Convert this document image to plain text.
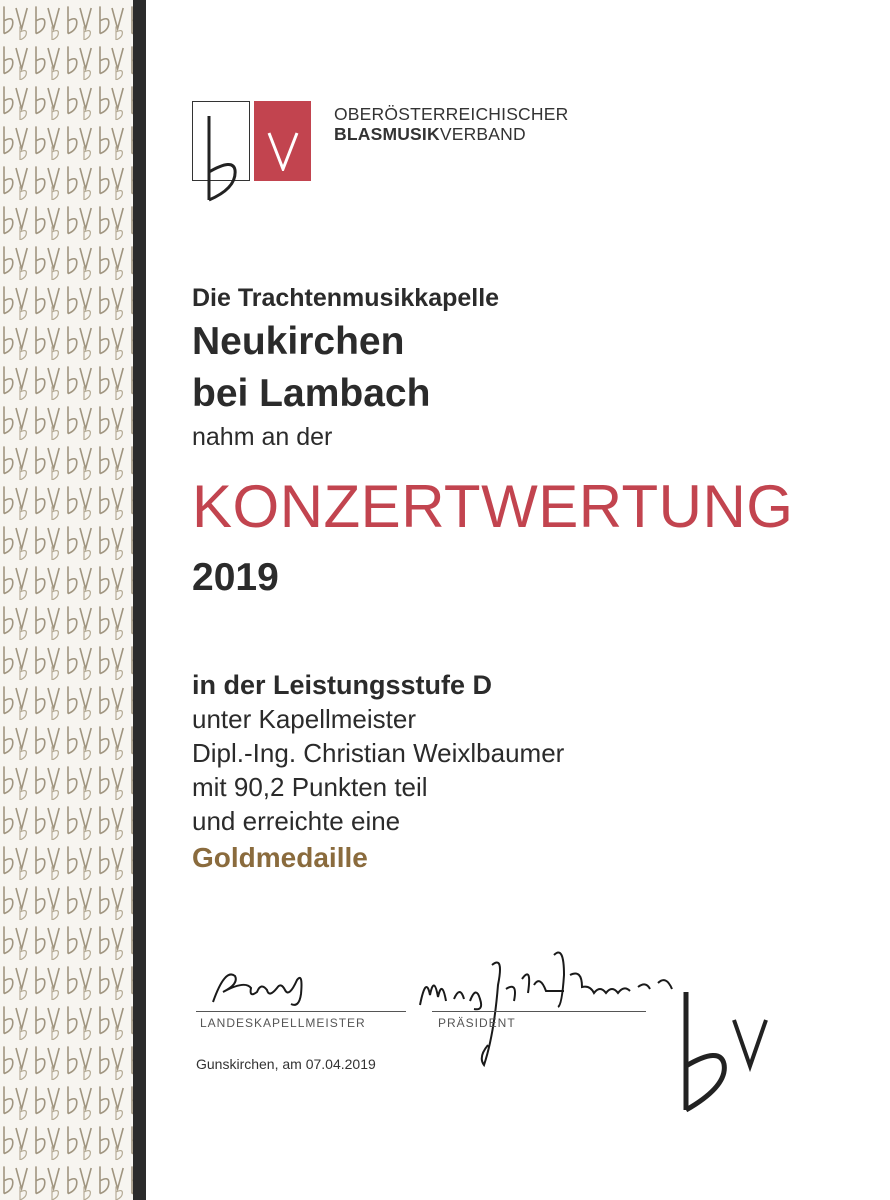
OBERÖSTERREICHISCHER
BLASMUSIKVERBAND
Die Trachtenmusikkapelle
Neukirchen
bei Lambach
nahm an der
KONZERTWERTUNG
2019
in der Leistungsstufe D
unter Kapellmeister
Dipl.-Ing. Christian Weixlbaumer
mit 90,2 Punkten teil
und erreichte eine
Goldmedaille
LANDESKAPELLMEISTER	PRÄSIDENT
Gunskirchen, am 07.04.2019
